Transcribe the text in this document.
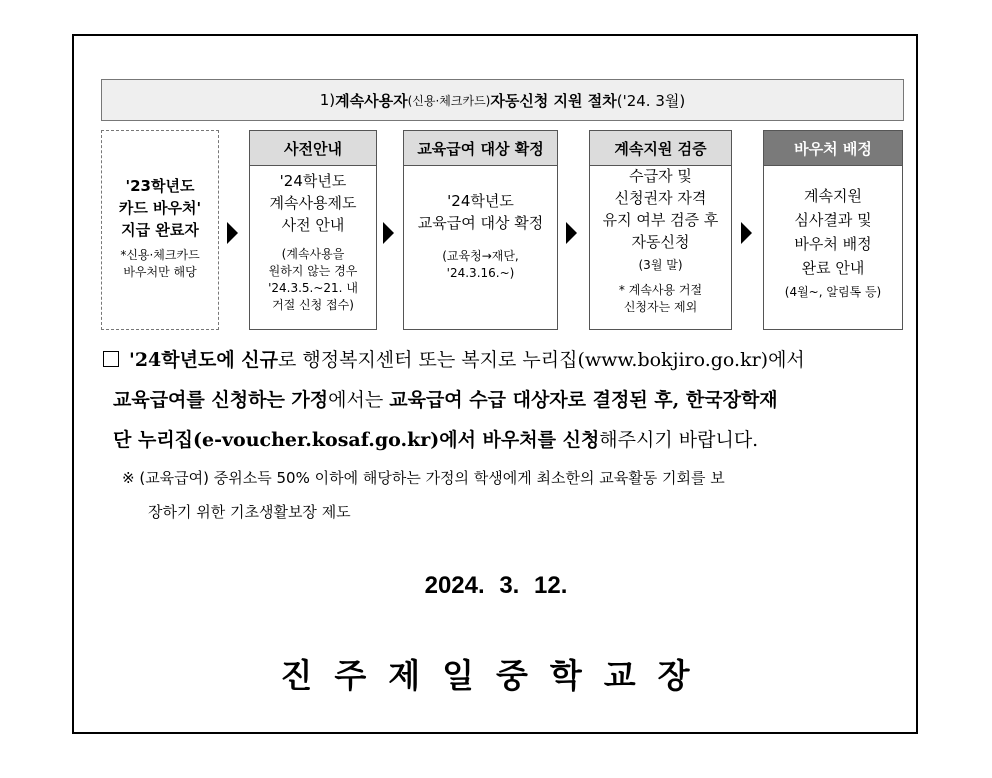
1) 계속사용자 (신용·체크카드) 자동신청 지원 절차 ('24. 3월)
'23학년도
카드 바우처'
지급 완료자
*신용·체크카드
바우처만 해당
사전안내
'24학년도
계속사용제도
사전 안내
(계속사용을
원하지 않는 경우
'24.3.5.~21. 내
거절 신청 접수)
교육급여 대상 확정
'24학년도
교육급여 대상 확정
(교육청→재단,
'24.3.16.~)
계속지원 검증
수급자 및
신청권자 자격
유지 여부 검증 후
자동신청
(3월 말)
* 계속사용 거절
신청자는 제외
바우처 배정
계속지원
심사결과 및
바우처 배정
완료 안내
(4월~, 알림톡 등)
'24학년도에 신규로 행정복지센터 또는 복지로 누리집(www.bokjiro.go.kr)에서
교육급여를 신청하는 가정에서는 교육급여 수급 대상자로 결정된 후, 한국장학재
단 누리집(e-voucher.kosaf.go.kr)에서 바우처를 신청해주시기 바랍니다.
※ (교육급여) 중위소득 50% 이하에 해당하는 가정의 학생에게 최소한의 교육활동 기회를 보
장하기 위한 기초생활보장 제도
2024. 3. 12.
진주제일중학교장
